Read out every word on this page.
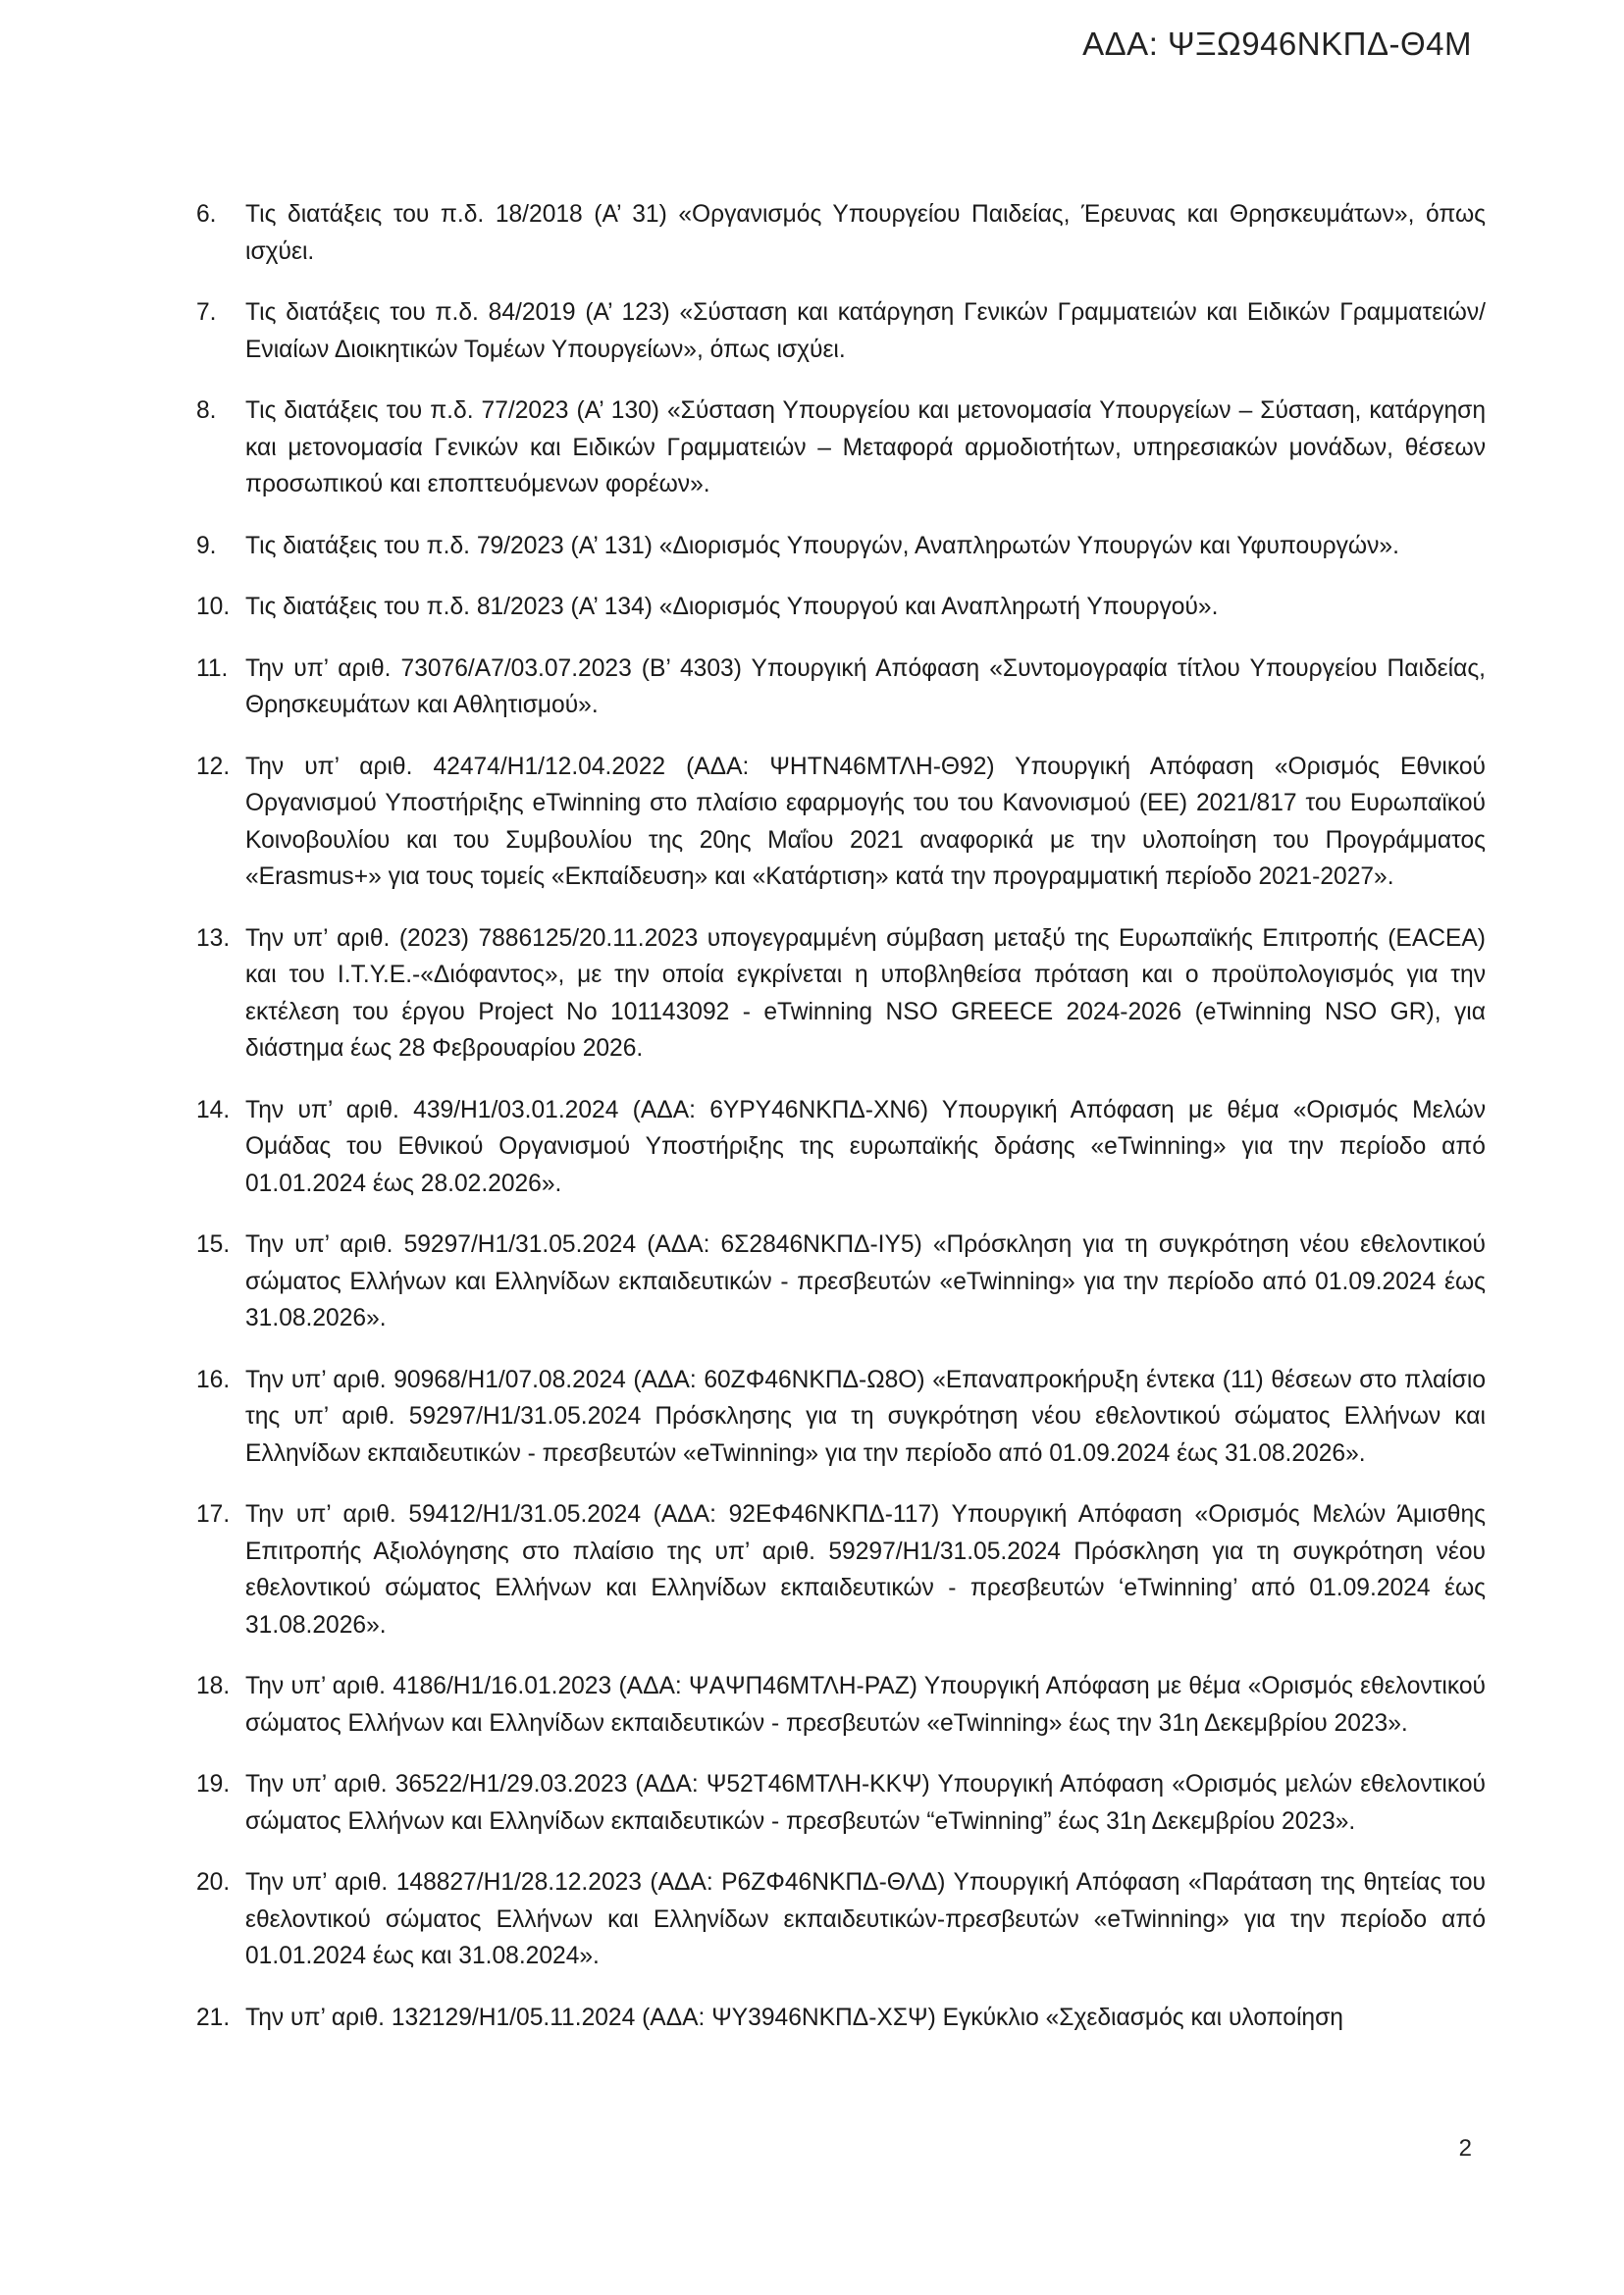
ΑΔΑ: ΨΞΩ946ΝΚΠΔ-Θ4Μ
6.	Τις διατάξεις του π.δ. 18/2018 (Α’ 31) «Οργανισμός Υπουργείου Παιδείας, Έρευνας και Θρησκευμάτων», όπως ισχύει.
7.	Τις διατάξεις του π.δ. 84/2019 (Α’ 123) «Σύσταση και κατάργηση Γενικών Γραμματειών και Ειδικών Γραμματειών/Ενιαίων Διοικητικών Τομέων Υπουργείων», όπως ισχύει.
8.	Τις διατάξεις του π.δ. 77/2023 (Α’ 130) «Σύσταση Υπουργείου και μετονομασία Υπουργείων – Σύσταση, κατάργηση και μετονομασία Γενικών και Ειδικών Γραμματειών – Μεταφορά αρμοδιοτήτων, υπηρεσιακών μονάδων, θέσεων προσωπικού και εποπτευόμενων φορέων».
9.	Τις διατάξεις του π.δ. 79/2023 (Α’ 131) «Διορισμός Υπουργών, Αναπληρωτών Υπουργών και Υφυπουργών».
10. Τις διατάξεις του π.δ. 81/2023 (Α’ 134) «Διορισμός Υπουργού και Αναπληρωτή Υπουργού».
11. Την υπ’ αριθ. 73076/Α7/03.07.2023 (Β’ 4303) Υπουργική Απόφαση «Συντομογραφία τίτλου Υπουργείου Παιδείας, Θρησκευμάτων και Αθλητισμού».
12. Την υπ’ αριθ. 42474/Η1/12.04.2022 (ΑΔΑ: ΨΗΤΝ46ΜΤΛΗ-Θ92) Υπουργική Απόφαση «Ορισμός Εθνικού Οργανισμού Υποστήριξης eTwinning στο πλαίσιο εφαρμογής του του Κανονισμού (ΕΕ) 2021/817 του Ευρωπαϊκού Κοινοβουλίου και του Συμβουλίου της 20ης Μαΐου 2021 αναφορικά με την υλοποίηση του Προγράμματος «Erasmus+» για τους τομείς «Εκπαίδευση» και «Κατάρτιση» κατά την προγραμματική περίοδο 2021-2027».
13. Την υπ’ αριθ. (2023) 7886125/20.11.2023 υπογεγραμμένη σύμβαση μεταξύ της Ευρωπαϊκής Επιτροπής (EACEA) και του Ι.Τ.Υ.Ε.-«Διόφαντος», με την οποία εγκρίνεται η υποβληθείσα πρόταση και ο προϋπολογισμός για την εκτέλεση του έργου Project No 101143092 - eTwinning NSO GREECE 2024-2026 (eTwinning NSO GR), για διάστημα έως 28 Φεβρουαρίου 2026.
14. Την υπ’ αριθ. 439/Η1/03.01.2024 (ΑΔΑ: 6ΥΡΥ46ΝΚΠΔ-ΧΝ6) Υπουργική Απόφαση με θέμα «Ορισμός Μελών Ομάδας του Εθνικού Οργανισμού Υποστήριξης της ευρωπαϊκής δράσης «eTwinning» για την περίοδο από 01.01.2024 έως 28.02.2026».
15. Την υπ’ αριθ. 59297/Η1/31.05.2024 (ΑΔΑ: 6Σ2846ΝΚΠΔ-ΙΥ5) «Πρόσκληση για τη συγκρότηση νέου εθελοντικού σώματος Ελλήνων και Ελληνίδων εκπαιδευτικών - πρεσβευτών «eTwinning» για την περίοδο από 01.09.2024 έως 31.08.2026».
16. Την υπ’ αριθ. 90968/Η1/07.08.2024 (ΑΔΑ: 60ΖΦ46ΝΚΠΔ-Ω8Ο) «Επαναπροκήρυξη έντεκα (11) θέσεων στο πλαίσιο της υπ’ αριθ. 59297/Η1/31.05.2024 Πρόσκλησης για τη συγκρότηση νέου εθελοντικού σώματος Ελλήνων και Ελληνίδων εκπαιδευτικών - πρεσβευτών «eTwinning» για την περίοδο από 01.09.2024 έως 31.08.2026».
17. Την υπ’ αριθ. 59412/Η1/31.05.2024 (ΑΔΑ: 92ΕΦ46ΝΚΠΔ-117) Υπουργική Απόφαση «Ορισμός Μελών Άμισθης Επιτροπής Αξιολόγησης στο πλαίσιο της υπ’ αριθ. 59297/Η1/31.05.2024 Πρόσκληση για τη συγκρότηση νέου εθελοντικού σώματος Ελλήνων και Ελληνίδων εκπαιδευτικών - πρεσβευτών ‘eTwinning’ από 01.09.2024 έως 31.08.2026».
18. Την υπ’ αριθ. 4186/Η1/16.01.2023 (ΑΔΑ: ΨΑΨΠ46ΜΤΛΗ-ΡΑΖ) Υπουργική Απόφαση με θέμα «Ορισμός εθελοντικού σώματος Ελλήνων και Ελληνίδων εκπαιδευτικών - πρεσβευτών «eTwinning» έως την 31η Δεκεμβρίου 2023».
19. Την υπ’ αριθ. 36522/Η1/29.03.2023 (ΑΔΑ: Ψ52Τ46ΜΤΛΗ-ΚΚΨ) Υπουργική Απόφαση «Ορισμός μελών εθελοντικού σώματος Ελλήνων και Ελληνίδων εκπαιδευτικών - πρεσβευτών “eTwinning” έως 31η Δεκεμβρίου 2023».
20. Την υπ’ αριθ. 148827/Η1/28.12.2023 (ΑΔΑ: Ρ6ΖΦ46ΝΚΠΔ-ΘΛΔ) Υπουργική Απόφαση «Παράταση της θητείας του εθελοντικού σώματος Ελλήνων και Ελληνίδων εκπαιδευτικών-πρεσβευτών «eTwinning» για την περίοδο από 01.01.2024 έως και 31.08.2024».
21. Την υπ’ αριθ. 132129/Η1/05.11.2024 (ΑΔΑ: ΨΥ3946ΝΚΠΔ-ΧΣΨ) Εγκύκλιο «Σχεδιασμός και υλοποίηση
2
